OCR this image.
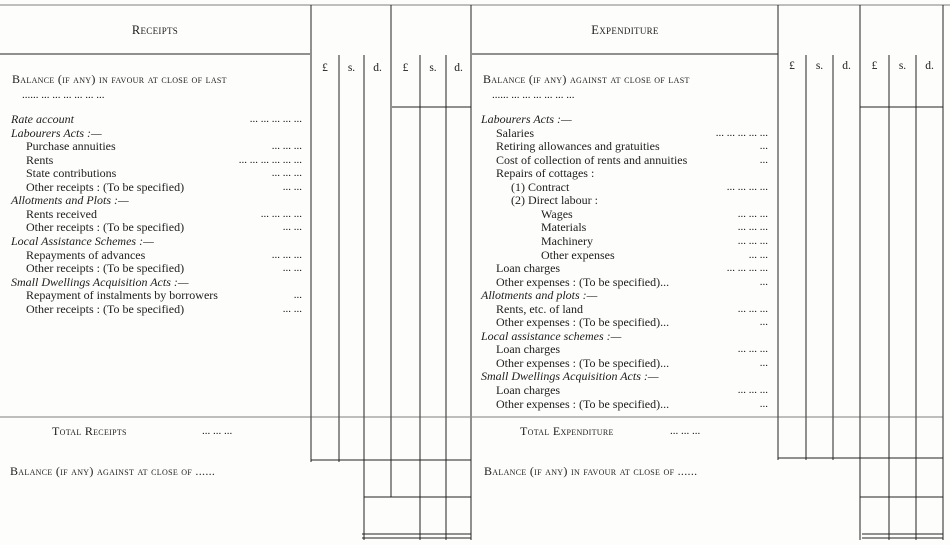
Receipts
£	s.	d.	£	s.	d.
Balance (if any) in favour at close of last
...... ... ... ... ... ... ...
Rate account	... ... ... ... ...
Labourers Acts :—
Purchase annuities	... ... ...
Rents	... ... ... ... ... ...
State contributions	... ... ...
Other receipts : (To be specified)	... ...
Allotments and Plots :—
Rents received	... ... ... ...
Other receipts : (To be specified)	... ...
Local Assistance Schemes :—
Repayments of advances	... ... ...
Other receipts : (To be specified)	... ...
Small Dwellings Acquisition Acts :—
Repayment of instalments by borrowers	...
Other receipts : (To be specified)	... ...
Total Receipts	... ... ...
Balance (if any) against at close of ......
Expenditure
£	s.	d.	£	s.	d.
Balance (if any) against at close of last
...... ... ... ... ... ... ...
Labourers Acts :—
Salaries	... ... ... ... ...
Retiring allowances and gratuities	...
Cost of collection of rents and annuities	...
Repairs of cottages :
(1) Contract	... ... ... ...
(2) Direct labour :
Wages	... ... ...
Materials	... ... ...
Machinery	... ... ...
Other expenses	... ...
Loan charges	... ... ... ...
Other expenses : (To be specified)...	...
Allotments and plots :—
Rents, etc. of land	... ... ...
Other expenses : (To be specified)...	...
Local assistance schemes :—
Loan charges	... ... ...
Other expenses : (To be specified)...	...
Small Dwellings Acquisition Acts :—
Loan charges	... ... ...
Other expenses : (To be specified)...	...
Total Expenditure	... ... ...
Balance (if any) in favour at close of ......
